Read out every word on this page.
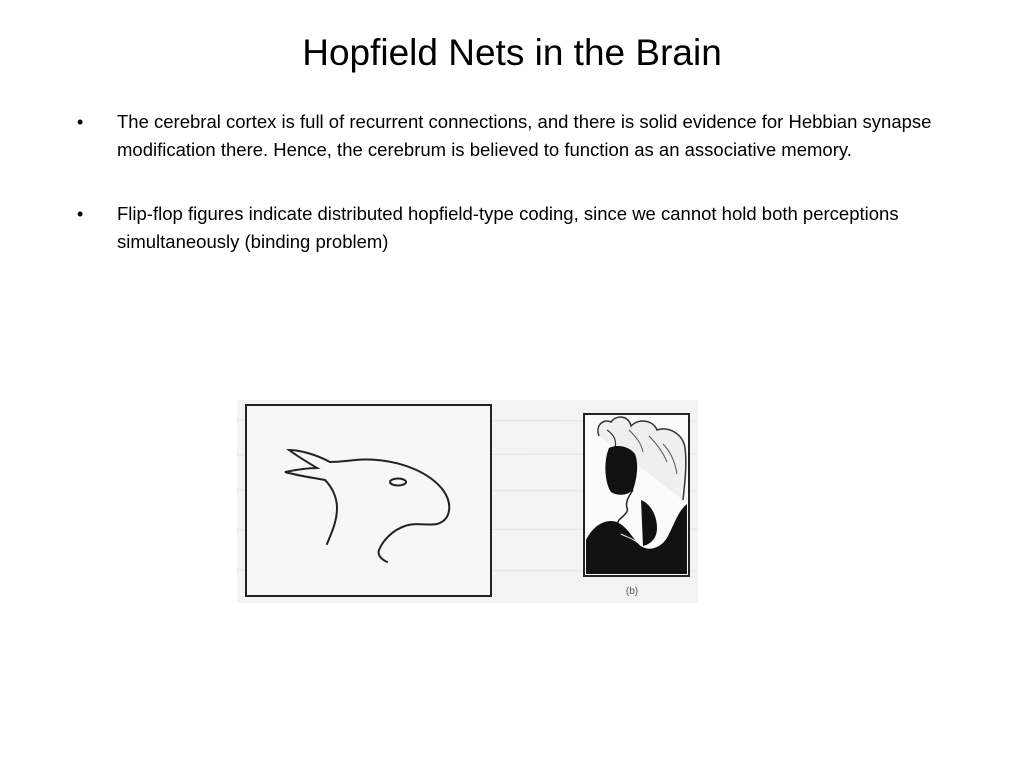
Hopfield Nets in the Brain
•	The cerebral cortex is full of recurrent connections, and there is solid evidence for Hebbian synapse modification there. Hence, the cerebrum is believed to function as an associative memory.
•	Flip-flop figures indicate distributed hopfield-type coding, since we cannot hold both perceptions simultaneously (binding problem)
(b)
